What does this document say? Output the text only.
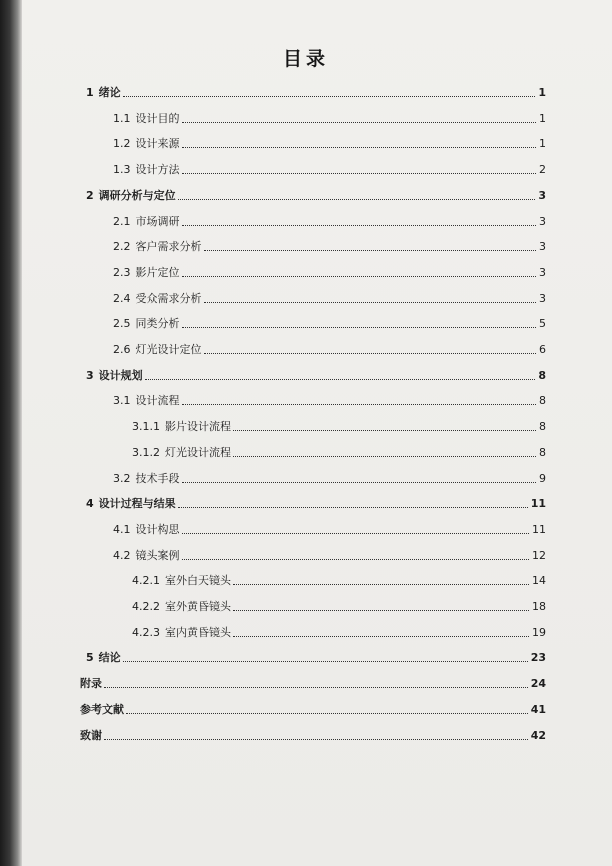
目录
1 绪论	1
1.1 设计目的	1
1.2 设计来源	1
1.3 设计方法	2
2 调研分析与定位	3
2.1 市场调研	3
2.2 客户需求分析	3
2.3 影片定位	3
2.4 受众需求分析	3
2.5 同类分析	5
2.6 灯光设计定位	6
3 设计规划	8
3.1 设计流程	8
3.1.1 影片设计流程	8
3.1.2 灯光设计流程	8
3.2 技术手段	9
4 设计过程与结果	11
4.1 设计构思	11
4.2 镜头案例	12
4.2.1 室外白天镜头	14
4.2.2 室外黄昏镜头	18
4.2.3 室内黄昏镜头	19
5 结论	23
附录	24
参考文献	41
致谢	42
